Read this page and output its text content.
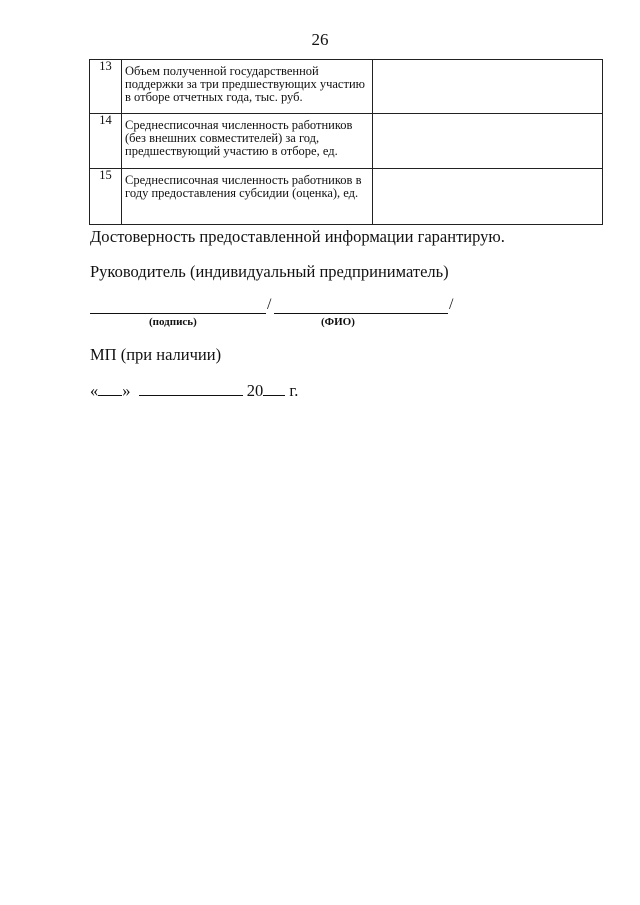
26
13	Объем полученной государственной поддержки за три предшествующих участию в отборе отчетных года, тыс. руб.	
14	Среднесписочная численность работников (без внешних совместителей) за год, предшествующий участию в отборе, ед.	
15	Среднесписочная численность работников в году предоставления субсидии (оценка), ед.	
Достоверность предоставленной информации гарантирую.
Руководитель (индивидуальный предприниматель)
/	/
(подпись)	(ФИО)
МП (при наличии)
« »	20 г.
